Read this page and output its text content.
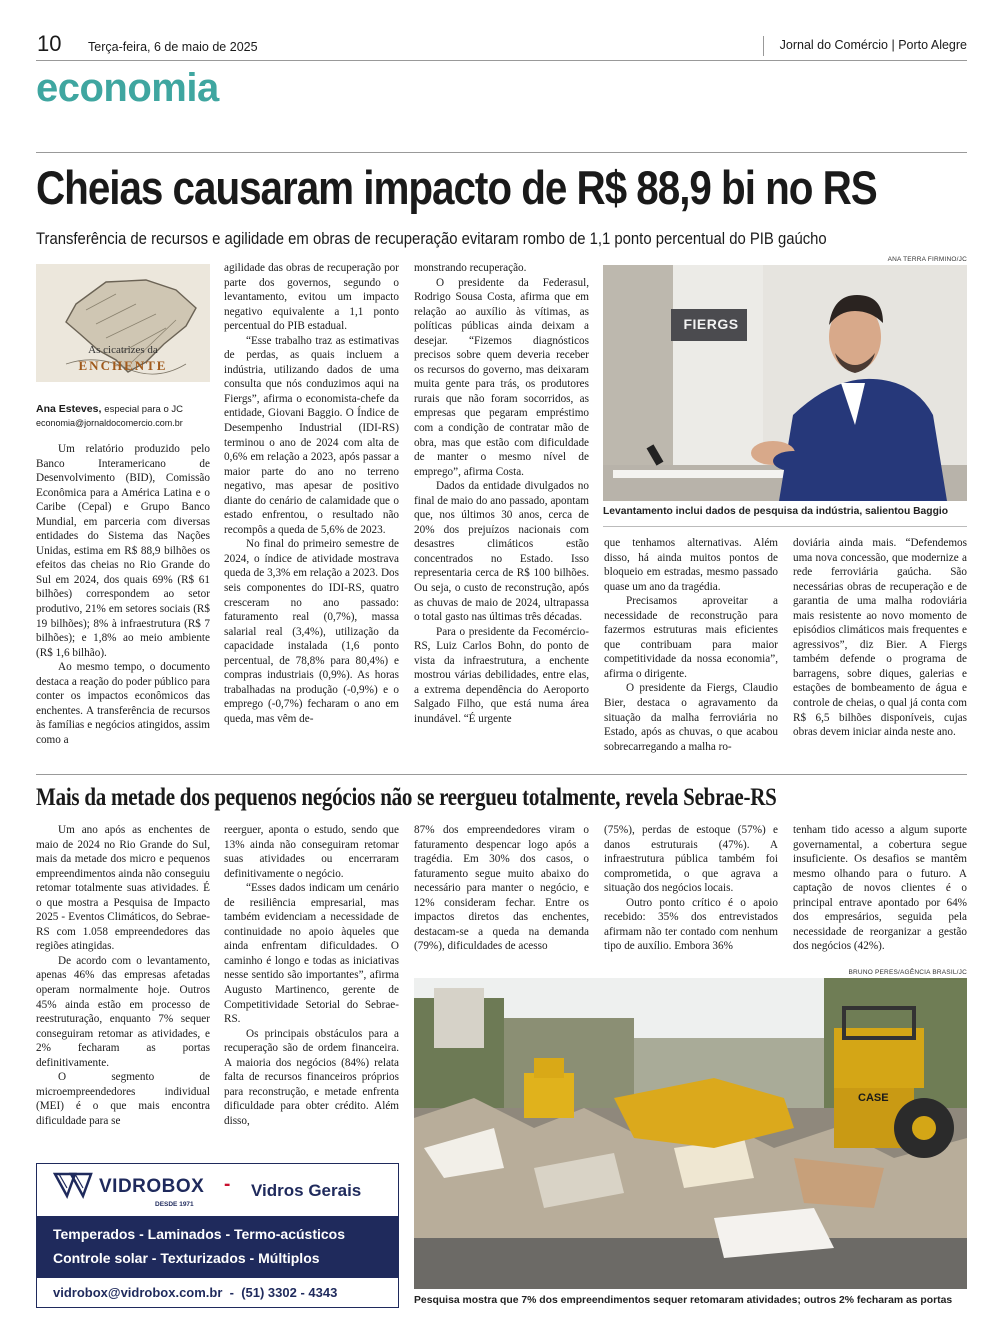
10 Terça-feira, 6 de maio de 2025	Jornal do Comércio | Porto Alegre
economia
Cheias causaram impacto de R$ 88,9 bi no RS
Transferência de recursos e agilidade em obras de recuperação evitaram rombo de 1,1 ponto percentual do PIB gaúcho
As cicatrizes da
ENCHENTE
Ana Esteves, especial para o JC
economia@jornaldocomercio.com.br

Um relatório produzido pelo Banco Interamericano de Desenvolvimento (BID), Comissão Econômica para a América Latina e o Caribe (Cepal) e Grupo Banco Mundial, em parceria com diversas entidades do Sistema das Nações Unidas, estima em R$ 88,9 bilhões os efeitos das cheias no Rio Grande do Sul em 2024, dos quais 69% (R$ 61 bilhões) correspondem ao setor produtivo, 21% em setores sociais (R$ 19 bilhões); 8% à infraestrutura (R$ 7 bilhões); e 1,8% ao meio ambiente (R$ 1,6 bilhão).

Ao mesmo tempo, o documento destaca a reação do poder público para conter os impactos econômicos das enchentes. A transferência de recursos às famílias e negócios atingidos, assim como a

agilidade das obras de recuperação por parte dos governos, segundo o levantamento, evitou um impacto negativo equivalente a 1,1 ponto percentual do PIB estadual.

“Esse trabalho traz as estimativas de perdas, as quais incluem a indústria, utilizando dados de uma consulta que nós conduzimos aqui na Fiergs”, afirma o economista-chefe da entidade, Giovani Baggio. O Índice de Desempenho Industrial (IDI-RS) terminou o ano de 2024 com alta de 0,6% em relação a 2023, após passar a maior parte do ano no terreno negativo, mas apesar de positivo diante do cenário de calamidade que o estado enfrentou, o resultado não recompôs a queda de 5,6% de 2023.

No final do primeiro semestre de 2024, o índice de atividade mostrava queda de 3,3% em relação a 2023. Dos seis componentes do IDI-RS, quatro cresceram no ano passado: faturamento real (0,7%), massa salarial real (3,4%), utilização da capacidade instalada (1,6 ponto percentual, de 78,8% para 80,4%) e compras industriais (0,9%). As horas trabalhadas na produção (-0,9%) e o emprego (-0,7%) fecharam o ano em queda, mas vêm de-

monstrando recuperação.

O presidente da Federasul, Rodrigo Sousa Costa, afirma que em relação ao auxílio às vítimas, as políticas públicas ainda deixam a desejar. “Fizemos diagnósticos precisos sobre quem deveria receber os recursos do governo, mas deixaram muita gente para trás, os produtores rurais que não foram socorridos, as empresas que pegaram empréstimo com a condição de contratar mão de obra, mas que estão com dificuldade de manter o mesmo nível de emprego”, afirma Costa.

Dados da entidade divulgados no final de maio do ano passado, apontam que, nos últimos 30 anos, cerca de 20% dos prejuízos nacionais com desastres climáticos estão concentrados no Estado. Isso representaria cerca de R$ 100 bilhões. Ou seja, o custo de reconstrução, após as chuvas de maio de 2024, ultrapassa o total gasto nas últimas três décadas.

Para o presidente da Fecomércio-RS, Luiz Carlos Bohn, do ponto de vista da infraestrutura, a enchente mostrou várias debilidades, entre elas, a extrema dependência do Aeroporto Salgado Filho, que está numa área inundável. “É urgente

ANA TERRA FIRMINO/JC
FIERGS
Levantamento inclui dados de pesquisa da indústria, salientou Baggio

que tenhamos alternativas. Além disso, há ainda muitos pontos de bloqueio em estradas, mesmo passado quase um ano da tragédia.

Precisamos aproveitar a necessidade de reconstrução para fazermos estruturas mais eficientes que contribuam para maior competitividade da nossa economia”, afirma o dirigente.

O presidente da Fiergs, Claudio Bier, destaca o agravamento da situação da malha ferroviária no Estado, após as chuvas, o que acabou sobrecarregando a malha ro-

doviária ainda mais. “Defendemos uma nova concessão, que modernize a rede ferroviária gaúcha. São necessárias obras de recuperação e de garantia de uma malha rodoviária mais resistente ao novo momento de episódios climáticos mais frequentes e agressivos”, diz Bier. A Fiergs também defende o programa de barragens, sobre diques, galerias e estações de bombeamento de água e controle de cheias, o qual já conta com R$ 6,5 bilhões disponíveis, cujas obras devem iniciar ainda neste ano.

Mais da metade dos pequenos negócios não se reergueu totalmente, revela Sebrae-RS

Um ano após as enchentes de maio de 2024 no Rio Grande do Sul, mais da metade dos micro e pequenos empreendimentos ainda não conseguiu retomar totalmente suas atividades. É o que mostra a Pesquisa de Impacto 2025 - Eventos Climáticos, do Sebrae-RS com 1.058 empreendedores das regiões atingidas.

De acordo com o levantamento, apenas 46% das empresas afetadas operam normalmente hoje. Outros 45% ainda estão em processo de reestruturação, enquanto 7% sequer conseguiram retomar as atividades, e 2% fecharam as portas definitivamente.

O segmento de microempreendedores individual (MEI) é o que mais encontra dificuldade para se

reerguer, aponta o estudo, sendo que 13% ainda não conseguiram retomar suas atividades ou encerraram definitivamente o negócio.

“Esses dados indicam um cenário de resiliência empresarial, mas também evidenciam a necessidade de continuidade no apoio àqueles que ainda enfrentam dificuldades. O caminho é longo e todas as iniciativas nesse sentido são importantes”, afirma Augusto Martinenco, gerente de Competitividade Setorial do Sebrae-RS.

Os principais obstáculos para a recuperação são de ordem financeira. A maioria dos negócios (84%) relata falta de recursos financeiros próprios para reconstrução, e metade enfrenta dificuldade para obter crédito. Além disso,

87% dos empreendedores viram o faturamento despencar logo após a tragédia. Em 30% dos casos, o faturamento segue muito abaixo do necessário para manter o negócio, e 12% consideram fechar. Entre os impactos diretos das enchentes, destacam-se a queda na demanda (79%), dificuldades de acesso

(75%), perdas de estoque (57%) e danos estruturais (47%). A infraestrutura pública também foi comprometida, o que agrava a situação dos negócios locais.

Outro ponto crítico é o apoio recebido: 35% dos entrevistados afirmam não ter contado com nenhum tipo de auxílio. Embora 36%

tenham tido acesso a algum suporte governamental, a cobertura segue insuficiente. Os desafios se mantêm mesmo olhando para o futuro. A captação de novos clientes é o principal entrave apontado por 64% dos empresários, seguida pela necessidade de reorganizar a gestão dos negócios (42%).

BRUNO PERES/AGÊNCIA BRASIL/JC
CASE
Pesquisa mostra que 7% dos empreendimentos sequer retomaram atividades; outros 2% fecharam as portas
VIDROBOX
DESDE 1971
- Vidros Gerais
Temperados - Laminados - Termo-acústicos
Controle solar - Texturizados - Múltiplos
vidrobox@vidrobox.com.br  -  (51) 3302 - 4343
